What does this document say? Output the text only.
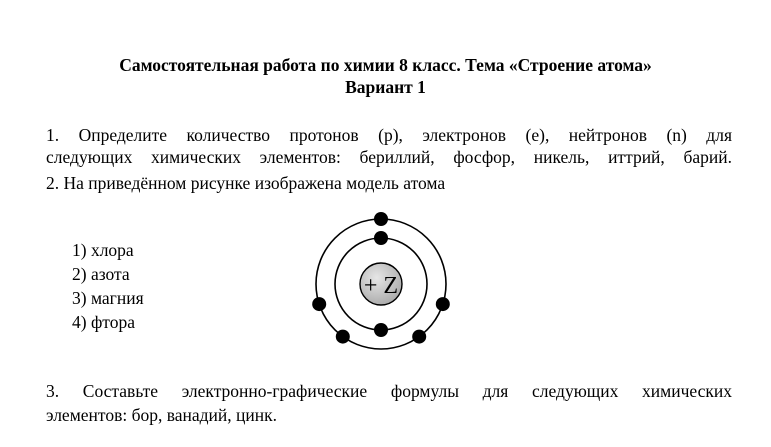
Самостоятельная работа по химии 8 класс. Тема «Строение атома»
Вариант 1
1. Определите количество протонов (р), электронов (е), нейтронов (n) для
следующих химических элементов: бериллий, фосфор, никель, иттрий, барий.
2. На приведённом рисунке изображена модель атома
1) хлора
2) азота
3) магния
4) фтора
+ Z
3. Составьте электронно-графические формулы для следующих химических
элементов: бор, ванадий, цинк.
